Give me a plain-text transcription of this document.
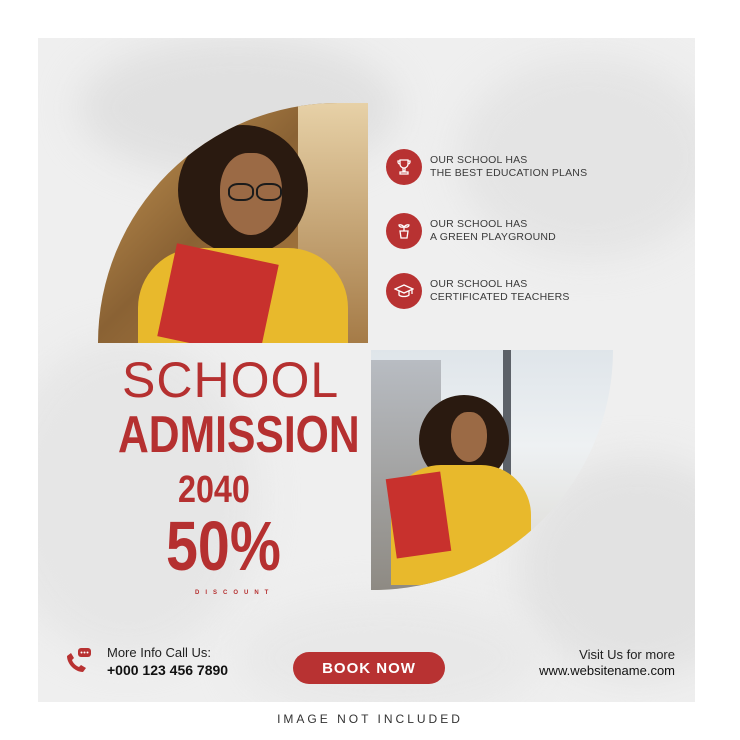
OUR SCHOOL HAS
THE BEST EDUCATION PLANS
OUR SCHOOL HAS
A GREEN PLAYGROUND
OUR SCHOOL HAS
CERTIFICATED TEACHERS
SCHOOL
ADMISSION
2040
50%
DISCOUNT
More Info Call Us:
+000 123 456 7890	BOOK NOW
Visit Us for more
www.websitename.com
IMAGE NOT INCLUDED
